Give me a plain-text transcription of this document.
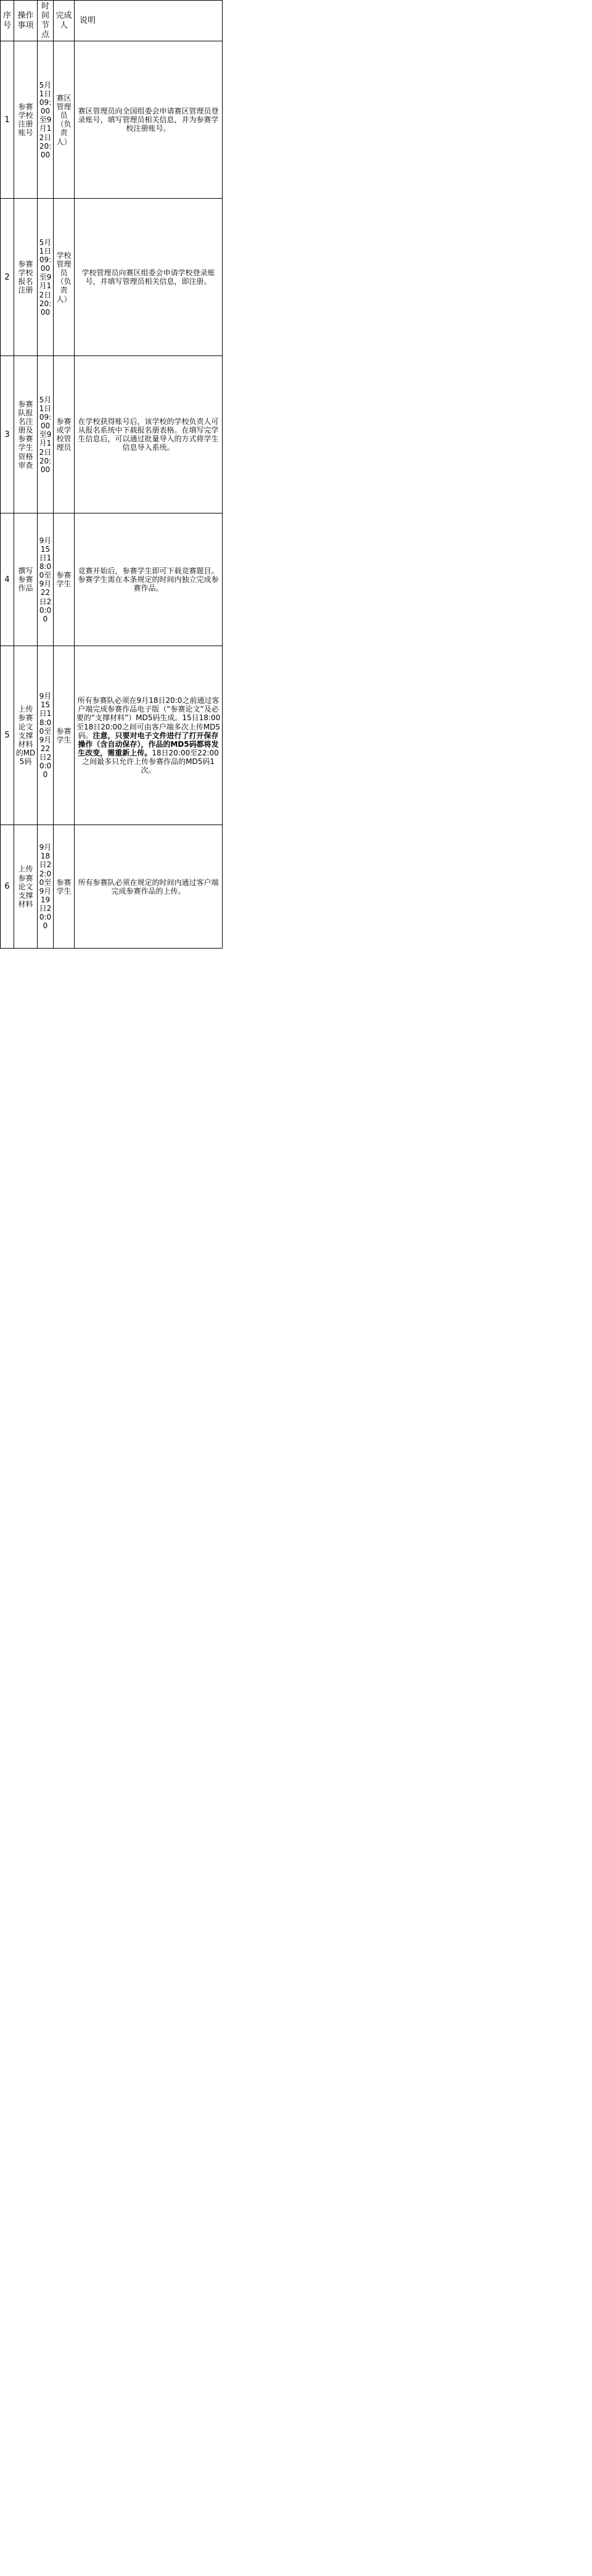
序号	操作事项	时间节点	完成人	说明
1	参赛学校注册账号	5月1日09:00至9月12日20:00	赛区管理员（负责人）	赛区管理员向全国组委会申请赛区管理员登录账号，填写管理员相关信息，并为参赛学校注册账号。

2	参赛学校报名注册	5月1日09:00至9月12日20:00	学校管理员（负责人）	学校管理员向赛区组委会申请学校登录账号，并填写管理员相关信息，即注册。

3	参赛队报名注册及参赛学生资格审查	5月1日09:00至9月12日20:00	参赛或学校管理员	在学校获得账号后，该学校的学校负责人可从报名系统中下载报名册表格。在填写完学生信息后，可以通过批量导入的方式将学生信息导入系统。

4	撰写参赛作品	9月15日18:00至9月22日20:00	参赛学生	竞赛开始后，参赛学生即可下载竞赛题目。参赛学生需在本条规定的时间内独立完成参赛作品。

5	上传参赛论文支撑材料的MD5码	9月15日18:00至9月22日20:00	参赛学生	所有参赛队必须在9月18日20:0之前通过客户端完成参赛作品电子版（“参赛论文”及必要的“支撑材料”）MD5码生成。15日18:00至18日20:00之间可由客户端多次上传MD5码。注意，只要对电子文件进行了打开保存操作（含自动保存），作品的MD5码都将发生改变，需重新上传。18日20:00至22:00之间最多只允许上传参赛作品的MD5码1次。

6	上传参赛论文支撑材料	9月18日22:00至9月19日20:00	参赛学生	所有参赛队必须在规定的时间内通过客户端完成参赛作品的上传。
